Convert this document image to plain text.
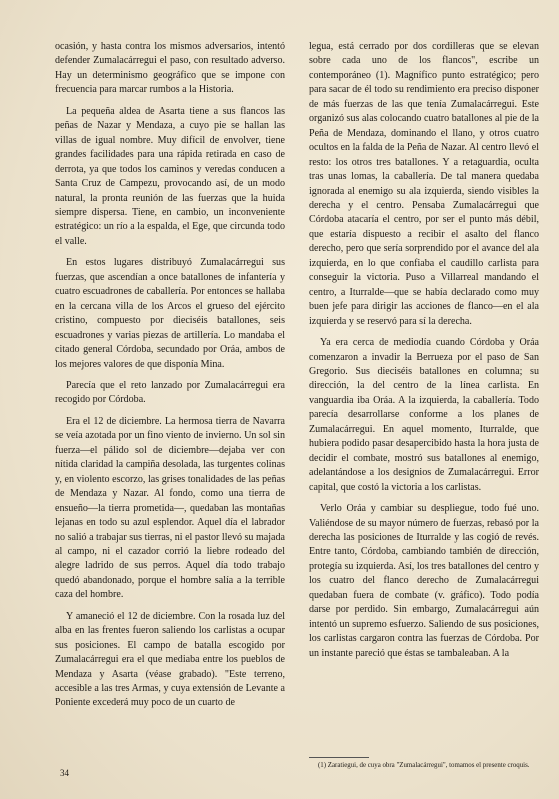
ocasión, y hasta contra los mismos adversarios, intentó defender Zumalacárregui el paso, con resultado adverso. Hay un determinismo geográfico que se impone con frecuencia para marcar rumbos a la Historia.

La pequeña aldea de Asarta tiene a sus flancos las peñas de Nazar y Mendaza, a cuyo pie se hallan las villas de igual nombre. Muy difícil de envolver, tiene grandes facilidades para una rápida retirada en caso de derrota, ya que todos los caminos y veredas conducen a Santa Cruz de Campezu, provocando así, de un modo natural, la pronta reunión de las fuerzas que la huida siempre dispersa. Tiene, en cambio, un inconveniente estratégico: un río a la espalda, el Ege, que circunda todo el valle.

En estos lugares distribuyó Zumalacárregui sus fuerzas, que ascendían a once batallones de infantería y cuatro escuadrones de caballería. Por entonces se hallaba en la cercana villa de los Arcos el grueso del ejército cristino, compuesto por dieciséis batallones, seis escuadrones y varias piezas de artillería. Lo mandaba el citado general Córdoba, secundado por Oráa, ambos de los mejores valores de que disponía Mina.

Parecía que el reto lanzado por Zumalacárregui era recogido por Córdoba.

Era el 12 de diciembre. La hermosa tierra de Navarra se veía azotada por un fino viento de invierno. Un sol sin fuerza—el pálido sol de diciembre—dejaba ver con nítida claridad la campiña desolada, las turgentes colinas y, en violento escorzo, las grises tonalidades de las peñas de Mendaza y Nazar. Al fondo, como una tierra de ensueño—la tierra prometida—, quedaban las montañas lejanas en todo su azul esplendor. Aquel día el labrador no salió a trabajar sus tierras, ni el pastor llevó su majada al campo, ni el cazador corrió la liebre rodeado del alegre ladrido de sus perros. Aquel día todo trabajo quedó abandonado, porque el hombre salía a la terrible caza del hombre.

Y amaneció el 12 de diciembre. Con la rosada luz del alba en las frentes fueron saliendo los carlistas a ocupar sus posiciones. El campo de batalla escogido por Zumalacárregui era el que mediaba entre los pueblos de Mendaza y Asarta (véase grabado). "Este terreno, accesible a las tres Armas, y cuya extensión de Levante a Poniente excederá muy poco de un cuarto de

legua, está cerrado por dos cordilleras que se elevan sobre cada uno de los flancos", escribe un contemporáneo (1). Magnífico punto estratégico; pero para sacar de él todo su rendimiento era preciso disponer de más fuerzas de las que tenía Zumalacárregui. Este organizó sus alas colocando cuatro batallones al pie de la Peña de Mendaza, dominando el llano, y otros cuatro ocultos en la falda de la Peña de Nazar. Al centro llevó el resto: los otros tres batallones. Y a retaguardia, oculta tras unas lomas, la caballería. De tal manera quedaba ignorada al enemigo su ala izquierda, siendo visibles la derecha y el centro. Pensaba Zumalacárregui que Córdoba atacaría el centro, por ser el punto más débil, que estaría dispuesto a recibir el asalto del flanco derecho, pero que sería sorprendido por el avance del ala izquierda, en lo que confiaba el caudillo carlista para conseguir la victoria. Puso a Villarreal mandando el centro, a Iturralde—que se había declarado como muy buen jefe para dirigir las acciones de flanco—en el ala izquierda y se reservó para sí la derecha.

Ya era cerca de mediodía cuando Córdoba y Oráa comenzaron a invadir la Berrueza por el paso de San Gregorio. Sus dieciséis batallones en columna; su dirección, la del centro de la línea carlista. En vanguardia iba Oráa. A la izquierda, la caballería. Todo parecía desarrollarse conforme a los planes de Zumalacárregui. En aquel momento, Iturralde, que hubiera podido pasar desapercibido hasta la hora justa de decidir el combate, mostró sus batallones al enemigo, adelantándose a los designios de Zumalacárregui. Error capital, que costó la victoria a los carlistas.

Verlo Oráa y cambiar su despliegue, todo fué uno. Valiéndose de su mayor número de fuerzas, rebasó por la derecha las posiciones de Iturralde y las cogió de revés. Entre tanto, Córdoba, cambiando también de dirección, protegía su izquierda. Así, los tres batallones del centro y los cuatro del flanco derecho de Zumalacárregui quedaban fuera de combate (v. gráfico). Todo podía darse por perdido. Sin embargo, Zumalacárregui aún intentó un supremo esfuerzo. Saliendo de sus posiciones, los carlistas cargaron contra las fuerzas de Córdoba. Por un instante pareció que éstas se tambaleaban. A la

(1) Zaratiegui, de cuya obra "Zumalacárregui", tomamos el presente croquis.
34
